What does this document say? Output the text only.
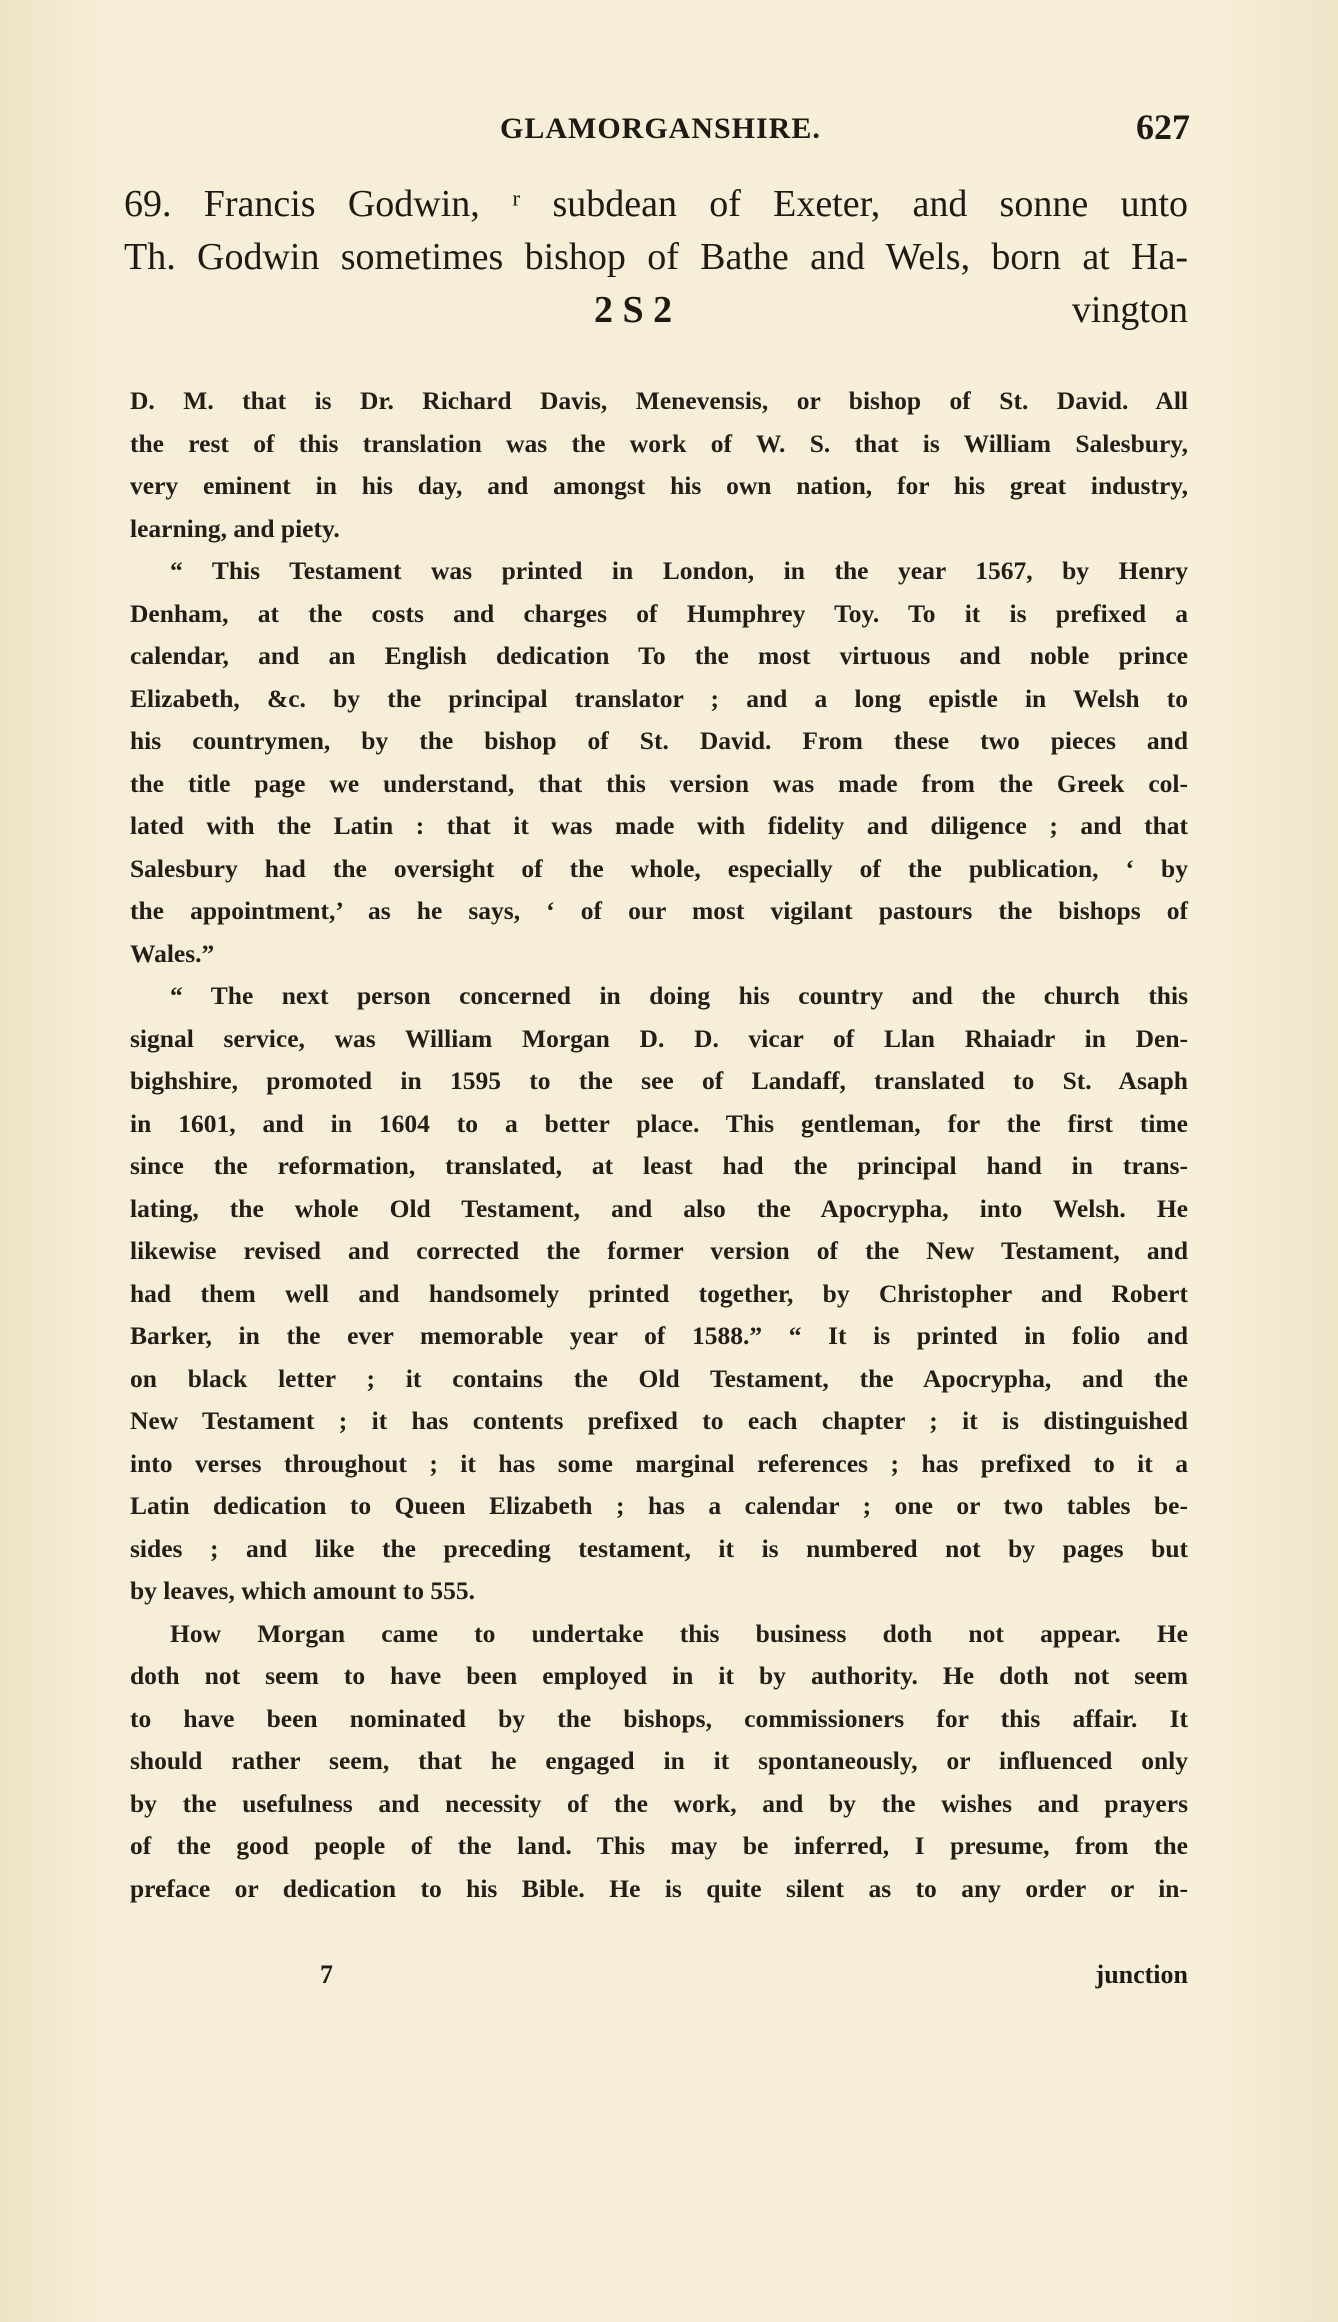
GLAMORGANSHIRE.	627
69. Francis Godwin, ʳ subdean of Exeter, and sonne unto
Th. Godwin sometimes bishop of Bathe and Wels, born at Ha-
2 S 2	vington
D. M. that is Dr. Richard Davis, Menevensis, or bishop of St. David. All
the rest of this translation was the work of W. S. that is William Salesbury,
very eminent in his day, and amongst his own nation, for his great industry,
learning, and piety.
“ This Testament was printed in London, in the year 1567, by Henry
Denham, at the costs and charges of Humphrey Toy. To it is prefixed a
calendar, and an English dedication To the most virtuous and noble prince
Elizabeth, &c. by the principal translator ; and a long epistle in Welsh to
his countrymen, by the bishop of St. David. From these two pieces and
the title page we understand, that this version was made from the Greek col-
lated with the Latin : that it was made with fidelity and diligence ; and that
Salesbury had the oversight of the whole, especially of the publication, ‘ by
the appointment,’ as he says, ‘ of our most vigilant pastours the bishops of
Wales.”
“ The next person concerned in doing his country and the church this
signal service, was William Morgan D. D. vicar of Llan Rhaiadr in Den-
bighshire, promoted in 1595 to the see of Landaff, translated to St. Asaph
in 1601, and in 1604 to a better place. This gentleman, for the first time
since the reformation, translated, at least had the principal hand in trans-
lating, the whole Old Testament, and also the Apocrypha, into Welsh. He
likewise revised and corrected the former version of the New Testament, and
had them well and handsomely printed together, by Christopher and Robert
Barker, in the ever memorable year of 1588.” “ It is printed in folio and
on black letter ; it contains the Old Testament, the Apocrypha, and the
New Testament ; it has contents prefixed to each chapter ; it is distinguished
into verses throughout ; it has some marginal references ; has prefixed to it a
Latin dedication to Queen Elizabeth ; has a calendar ; one or two tables be-
sides ; and like the preceding testament, it is numbered not by pages but
by leaves, which amount to 555.
How Morgan came to undertake this business doth not appear. He
doth not seem to have been employed in it by authority. He doth not seem
to have been nominated by the bishops, commissioners for this affair. It
should rather seem, that he engaged in it spontaneously, or influenced only
by the usefulness and necessity of the work, and by the wishes and prayers
of the good people of the land. This may be inferred, I presume, from the
preface or dedication to his Bible. He is quite silent as to any order or in-
7	junction
